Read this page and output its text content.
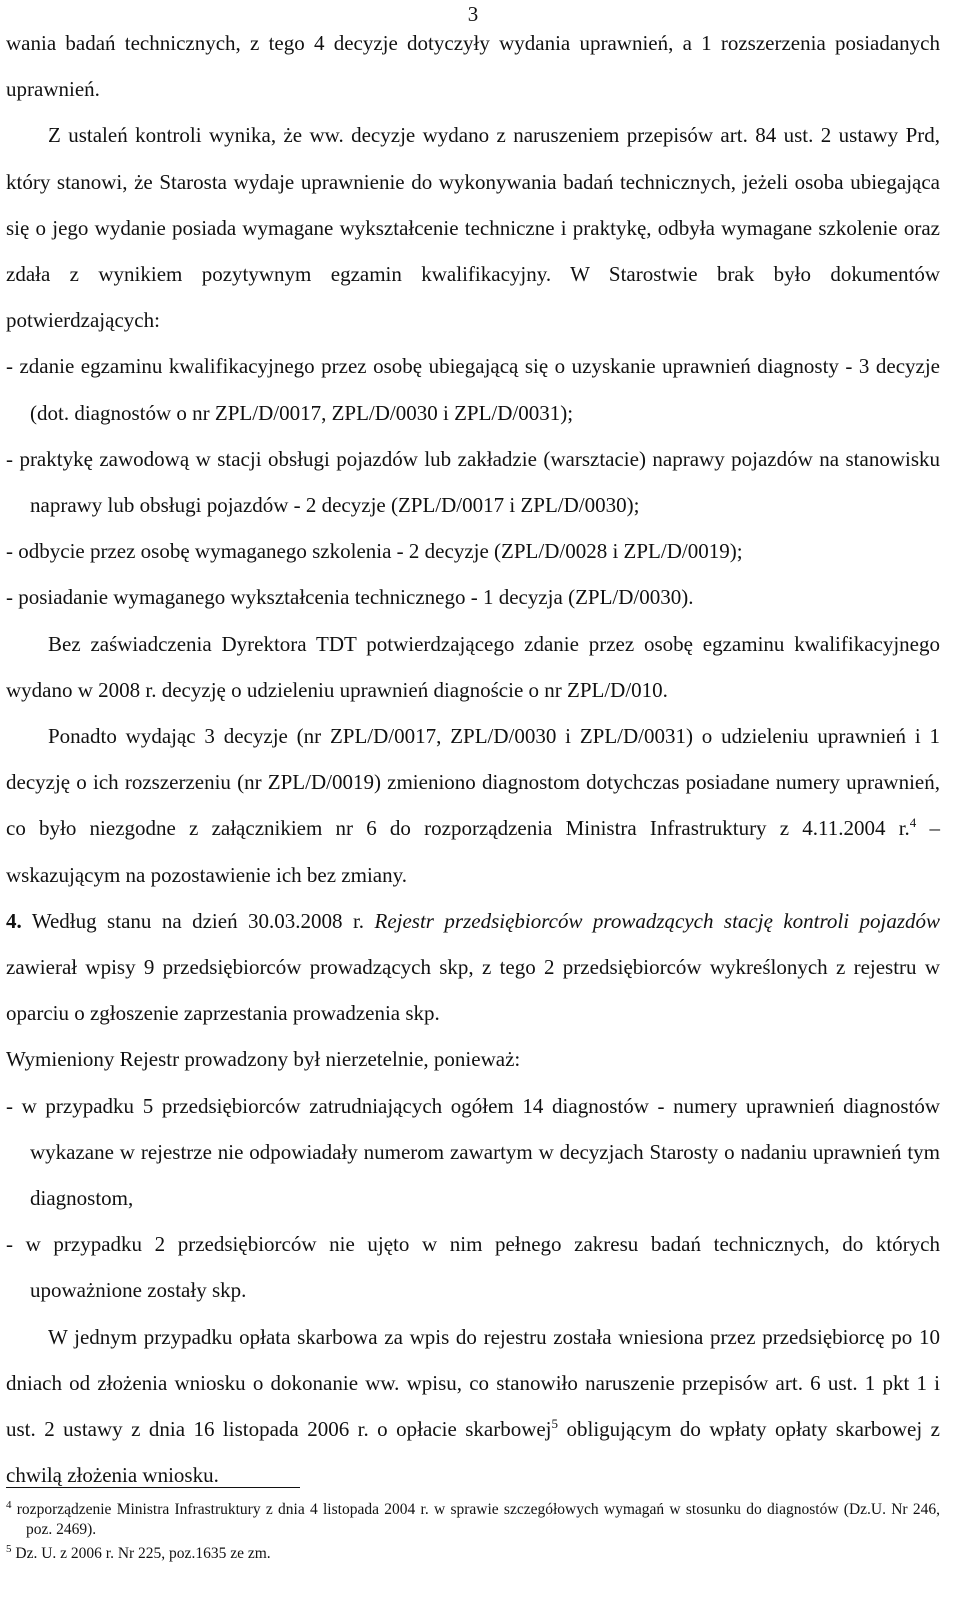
3

wania badań technicznych, z tego 4 decyzje dotyczyły wydania uprawnień, a 1 rozszerzenia posiadanych uprawnień.

Z ustaleń kontroli wynika, że ww. decyzje wydano z naruszeniem przepisów art. 84 ust. 2 ustawy Prd, który stanowi, że Starosta wydaje uprawnienie do wykonywania badań technicznych, jeżeli osoba ubiegająca się o jego wydanie posiada wymagane wykształcenie techniczne i praktykę, odbyła wymagane szkolenie oraz zdała z wynikiem pozytywnym egzamin kwalifikacyjny. W Starostwie brak było dokumentów potwierdzających:

- zdanie egzaminu kwalifikacyjnego przez osobę ubiegającą się o uzyskanie uprawnień diagnosty - 3 decyzje (dot. diagnostów o nr ZPL/D/0017, ZPL/D/0030 i ZPL/D/0031);

- praktykę zawodową w stacji obsługi pojazdów lub zakładzie (warsztacie) naprawy pojazdów na stanowisku naprawy lub obsługi pojazdów - 2 decyzje (ZPL/D/0017 i ZPL/D/0030);

- odbycie przez osobę wymaganego szkolenia - 2 decyzje (ZPL/D/0028 i ZPL/D/0019);

- posiadanie wymaganego wykształcenia technicznego - 1 decyzja (ZPL/D/0030).

Bez zaświadczenia Dyrektora TDT potwierdzającego zdanie przez osobę egzaminu kwalifikacyjnego wydano w 2008 r. decyzję o udzieleniu uprawnień diagnoście o nr ZPL/D/010.

Ponadto wydając 3 decyzje (nr ZPL/D/0017, ZPL/D/0030 i ZPL/D/0031) o udzieleniu uprawnień i 1 decyzję o ich rozszerzeniu (nr ZPL/D/0019) zmieniono diagnostom dotychczas posiadane numery uprawnień, co było niezgodne z załącznikiem nr 6 do rozporządzenia Ministra Infrastruktury z 4.11.2004 r.$^4$ – wskazującym na pozostawienie ich bez zmiany.

4. Według stanu na dzień 30.03.2008 r. Rejestr przedsiębiorców prowadzących stację kontroli pojazdów zawierał wpisy 9 przedsiębiorców prowadzących skp, z tego 2 przedsiębiorców wykreślonych z rejestru w oparciu o zgłoszenie zaprzestania prowadzenia skp.

Wymieniony Rejestr prowadzony był nierzetelnie, ponieważ:

- w przypadku 5 przedsiębiorców zatrudniających ogółem 14 diagnostów - numery uprawnień diagnostów wykazane w rejestrze nie odpowiadały numerom zawartym w decyzjach Starosty o nadaniu uprawnień tym diagnostom,

- w przypadku 2 przedsiębiorców nie ujęto w nim pełnego zakresu badań technicznych, do których upoważnione zostały skp.

W jednym przypadku opłata skarbowa za wpis do rejestru została wniesiona przez przedsiębiorcę po 10 dniach od złożenia wniosku o dokonanie ww. wpisu, co stanowiło naruszenie przepisów art. 6 ust. 1 pkt 1 i ust. 2 ustawy z dnia 16 listopada 2006 r. o opłacie skarbowej$^5$ obligującym do wpłaty opłaty skarbowej z chwilą złożenia wniosku.

$^4$ rozporządzenie Ministra Infrastruktury z dnia 4 listopada 2004 r. w sprawie szczegółowych wymagań w stosunku do diagnostów (Dz.U. Nr 246, poz. 2469).

$^5$ Dz. U. z 2006 r. Nr 225, poz.1635 ze zm.
